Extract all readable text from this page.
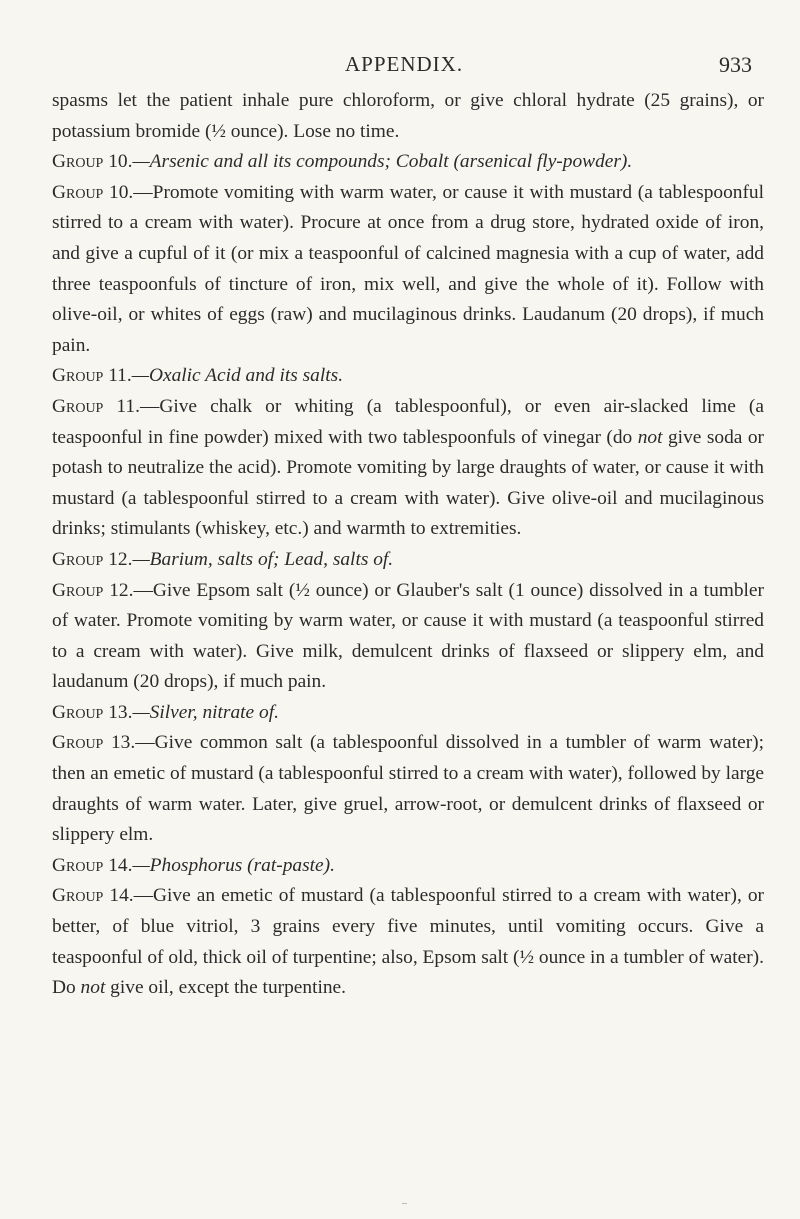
APPENDIX.	933

spasms let the patient inhale pure chloroform, or give chloral hydrate (25 grains), or potassium bromide (½ ounce). Lose no time.

Group 10.—Arsenic and all its compounds; Cobalt (arsenical fly-powder).

Group 10.—Promote vomiting with warm water, or cause it with mustard (a tablespoonful stirred to a cream with water). Procure at once from a drug store, hydrated oxide of iron, and give a cupful of it (or mix a teaspoonful of calcined magnesia with a cup of water, add three teaspoonfuls of tincture of iron, mix well, and give the whole of it). Follow with olive-oil, or whites of eggs (raw) and mucilaginous drinks. Laudanum (20 drops), if much pain.

Group 11.—Oxalic Acid and its salts.

Group 11.—Give chalk or whiting (a tablespoonful), or even air-slacked lime (a teaspoonful in fine powder) mixed with two tablespoonfuls of vinegar (do not give soda or potash to neutralize the acid). Promote vomiting by large draughts of water, or cause it with mustard (a tablespoonful stirred to a cream with water). Give olive-oil and mucilaginous drinks; stimulants (whiskey, etc.) and warmth to extremities.

Group 12.—Barium, salts of; Lead, salts of.

Group 12.—Give Epsom salt (½ ounce) or Glauber's salt (1 ounce) dissolved in a tumbler of water. Promote vomiting by warm water, or cause it with mustard (a teaspoonful stirred to a cream with water). Give milk, demulcent drinks of flaxseed or slippery elm, and laudanum (20 drops), if much pain.

Group 13.—Silver, nitrate of.

Group 13.—Give common salt (a tablespoonful dissolved in a tumbler of warm water); then an emetic of mustard (a tablespoonful stirred to a cream with water), followed by large draughts of warm water. Later, give gruel, arrow-root, or demulcent drinks of flaxseed or slippery elm.

Group 14.—Phosphorus (rat-paste).

Group 14.—Give an emetic of mustard (a tablespoonful stirred to a cream with water), or better, of blue vitriol, 3 grains every five minutes, until vomiting occurs. Give a teaspoonful of old, thick oil of turpentine; also, Epsom salt (½ ounce in a tumbler of water). Do not give oil, except the turpentine.

–
